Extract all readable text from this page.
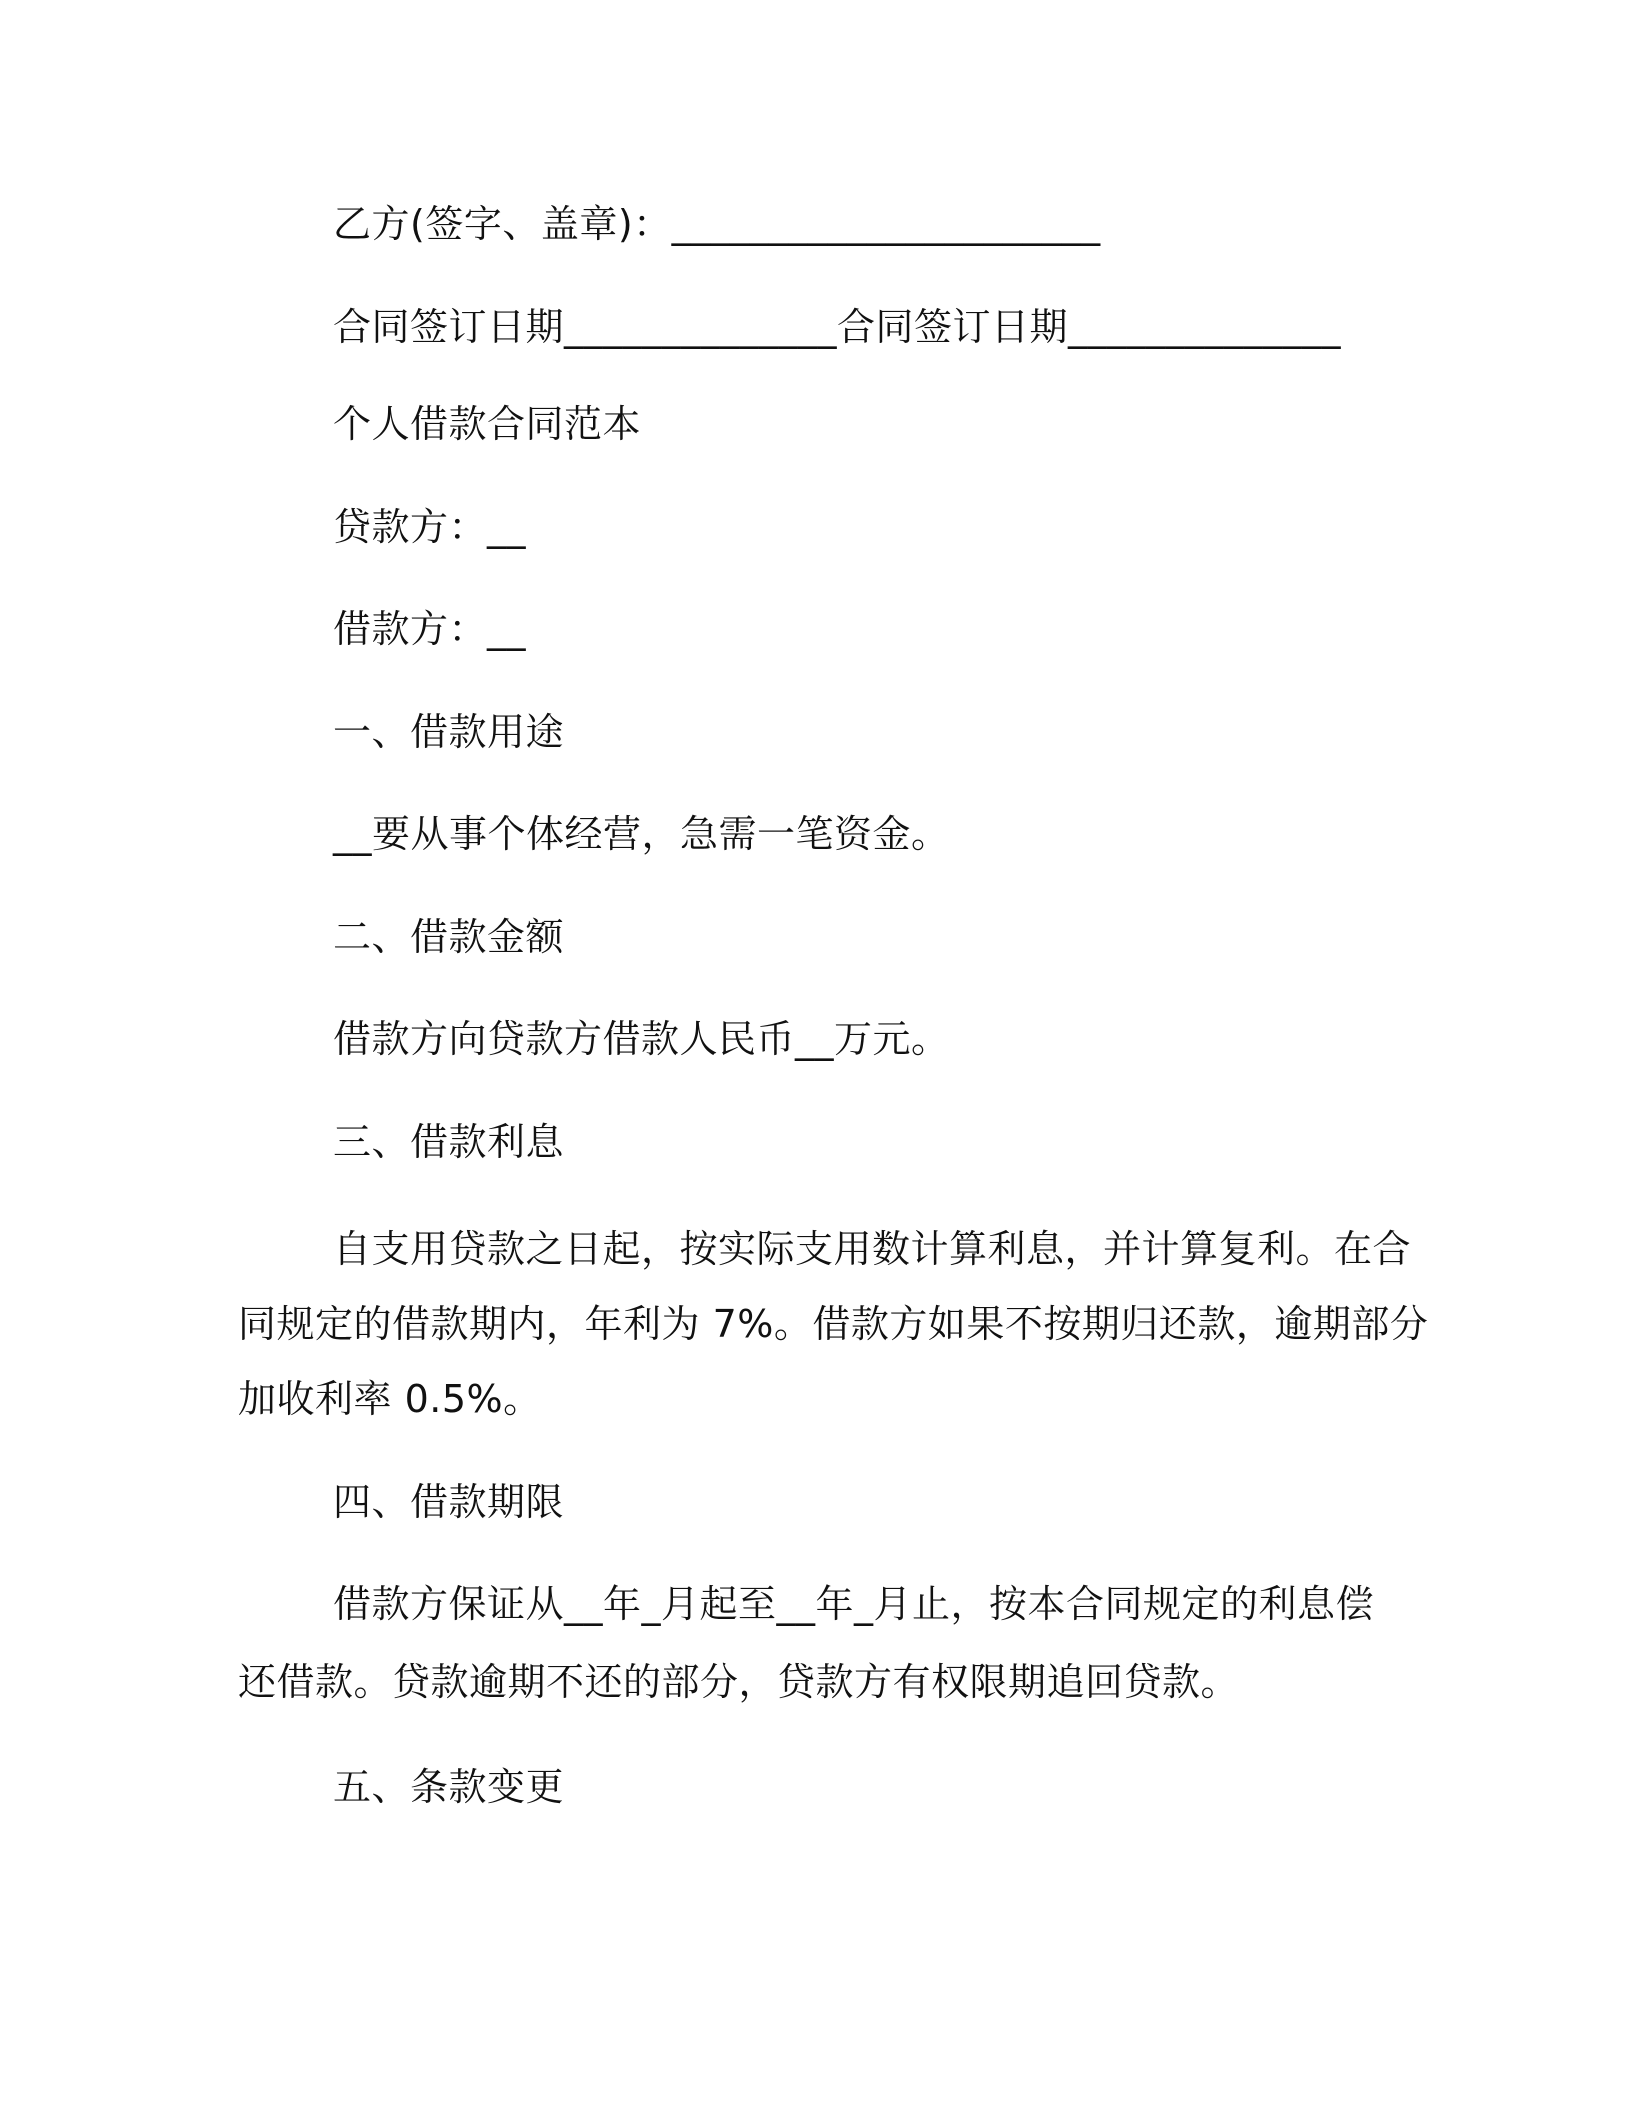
乙方(签字、盖章)：______________________

合同签订日期______________合同签订日期______________

个人借款合同范本

贷款方：__

借款方：__

一、借款用途

__要从事个体经营，急需一笔资金。

二、借款金额

借款方向贷款方借款人民币__万元。

三、借款利息

自支用贷款之日起，按实际支用数计算利息，并计算复利。在合

同规定的借款期内，年利为 7%。借款方如果不按期归还款，逾期部分

加收利率 0.5%。

四、借款期限

借款方保证从__年_月起至__年_月止，按本合同规定的利息偿

还借款。贷款逾期不还的部分，贷款方有权限期追回贷款。

五、条款变更
